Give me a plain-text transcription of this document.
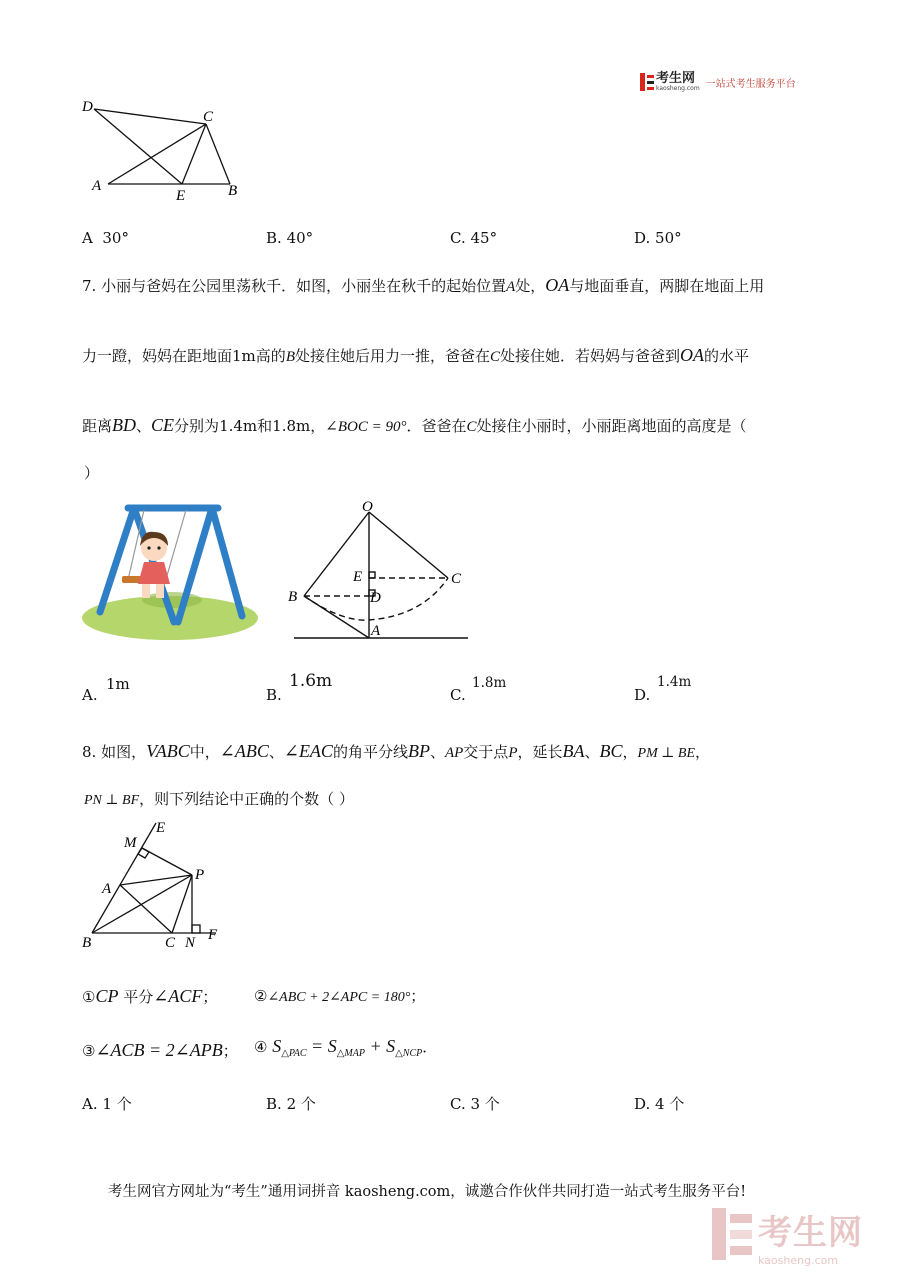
考生网
kaosheng.com 一站式考生服务平台
D
C
A
E	B
A 30°	B. 40°	C. 45°	D. 50°
7. 小丽与爸妈在公园里荡秋千．如图，小丽坐在秋千的起始位置A处，OA与地面垂直，两脚在地面上用
力一蹬，妈妈在距地面1m高的B处接住她后用力一推，爸爸在C处接住她．若妈妈与爸爸到OA的水平
距离BD、CE分别为1.4m和1.8m，∠BOC = 90°．爸爸在C处接住小丽时，小丽距离地面的高度是（
）
O
E	C
B	D
A
A.
1m
B.
1.6m
C.
1.8m
D.
1.4m
8. 如图，VABC中，∠ABC、∠EAC的角平分线BP、AP交于点P，延长BA、BC，PM ⊥ BE，
PN ⊥ BF，则下列结论中正确的个数（ ）
E
M
A
P
B	C N F
①CP 平分∠ACF； ②∠ABC + 2∠APC = 180°；
③∠ACB = 2∠APB； ④ $S_{\triangle PAC} = S_{\triangle MAP} + S_{\triangle NCP}$．
A. 1 个	B. 2 个	C. 3 个	D. 4 个
考生网官方网址为“考生”通用词拼音 kaosheng.com，诚邀合作伙伴共同打造一站式考生服务平台!
考生网
kaosheng.com
